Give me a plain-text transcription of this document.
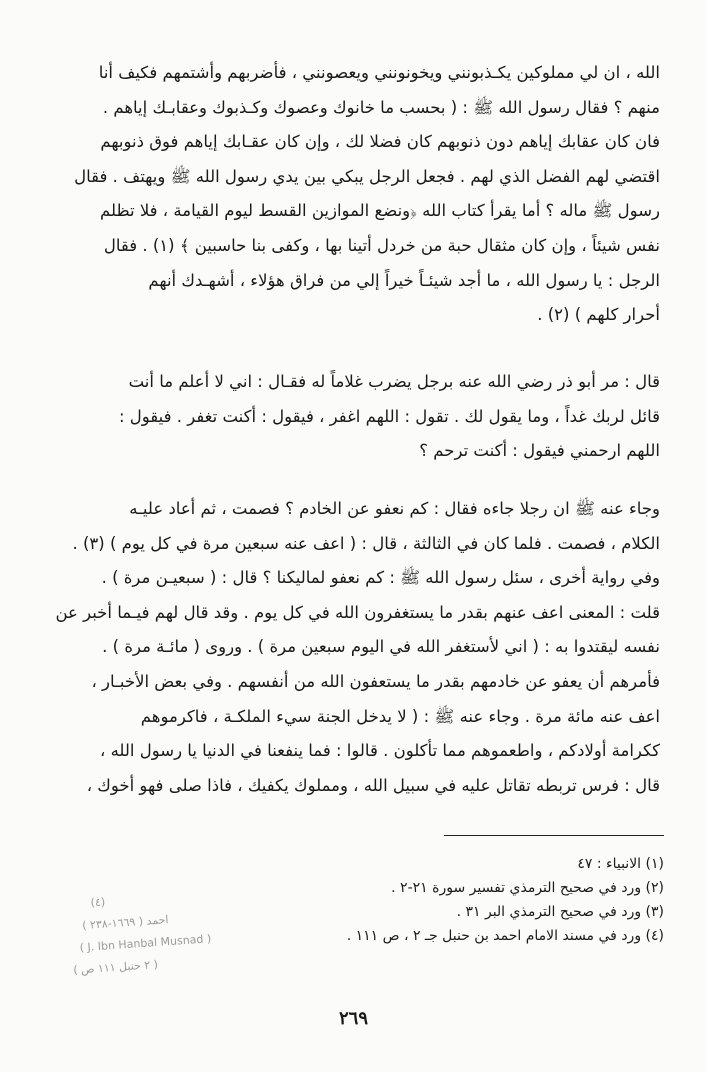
الله ، ان لي مملوكين يكـذبونني ويخونونني ويعصونني ، فأضربهم وأشتمهم فكيف أنا

منهم ؟ فقال رسول الله ﷺ : ( بحسب ما خانوك وعصوك وكـذبوك وعقابـك إياهم .

فان كان عقابك إياهم دون ذنوبهم كان فضلا لك ، وإن كان عقـابك إياهم فوق ذنوبهم

اقتضي لهم الفضل الذي لهم . فجعل الرجل يبكي بين يدي رسول الله ﷺ ويهتف . فقال

رسول ﷺ ماله ؟ أما يقرأ كتاب الله ﴿ونضع الموازين القسط ليوم القيامة ، فلا تظلم

نفس شيئاً ، وإن كان مثقال حبة من خردل أتينا بها ، وكفى بنا حاسبين ﴾ (١) . فقال

الرجل : يا رسول الله ، ما أجد شيئـاً خيراً إلي من فراق هؤلاء ، أشهـدك أنهم

أحرار كلهم ) (٢) .

قال : مر أبو ذر رضي الله عنه برجل يضرب غلاماً له فقـال : اني لا أعلم ما أنت

قائل لربك غداً ، وما يقول لك . تقول : اللهم اغفر ، فيقول : أكنت تغفر . فيقول :

اللهم ارحمني فيقول : أكنت ترحم ؟

وجاء عنه ﷺ ان رجلا جاءه فقال : كم نعفو عن الخادم ؟ فصمت ، ثم أعاد عليـه

الكلام ، فصمت . فلما كان في الثالثة ، قال : ( اعف عنه سبعين مرة في كل يوم ) (٣) .

وفي رواية أخرى ، سئل رسول الله ﷺ : كم نعفو لماليكنا ؟ قال : ( سبعيـن مرة ) .

قلت : المعنى اعف عنهم بقدر ما يستغفرون الله في كل يوم . وقد قال لهم فيـما أخبر عن

نفسه ليقتدوا به : ( اني لأستغفر الله في اليوم سبعين مرة ) . وروى ( مائـة مرة ) .

فأمرهم أن يعفو عن خادمهم بقدر ما يستعفون الله من أنفسهم . وفي بعض الأخبـار ،

اعف عنه مائة مرة . وجاء عنه ﷺ : ( لا يدخل الجنة سيء الملكـة ، فاكرموهم

ككرامة أولادكم ، واطعموهم مما تأكلون . قالوا : فما ينفعنا في الدنيا يا رسول الله ،

قال : فرس تربطه تقاتل عليه في سبيل الله ، ومملوك يكفيك ، فاذا صلى فهو أخوك ،

(١) الانبياء : ٤٧

(٢) ورد في صحيح الترمذي تفسير سورة ٢١-٢ .

(٣) ورد في صحيح الترمذي البر ٣١ .

(٤) ورد في مسند الامام احمد بن حنبل جـ ٢ ، ص ١١١ .

(٤)
( ١٦٦٩-٢٣٨ ) احمد
( J. Ibn Hanbal Musnad )
( ٢ حنبل ١١١ ص )
٢٦٩
